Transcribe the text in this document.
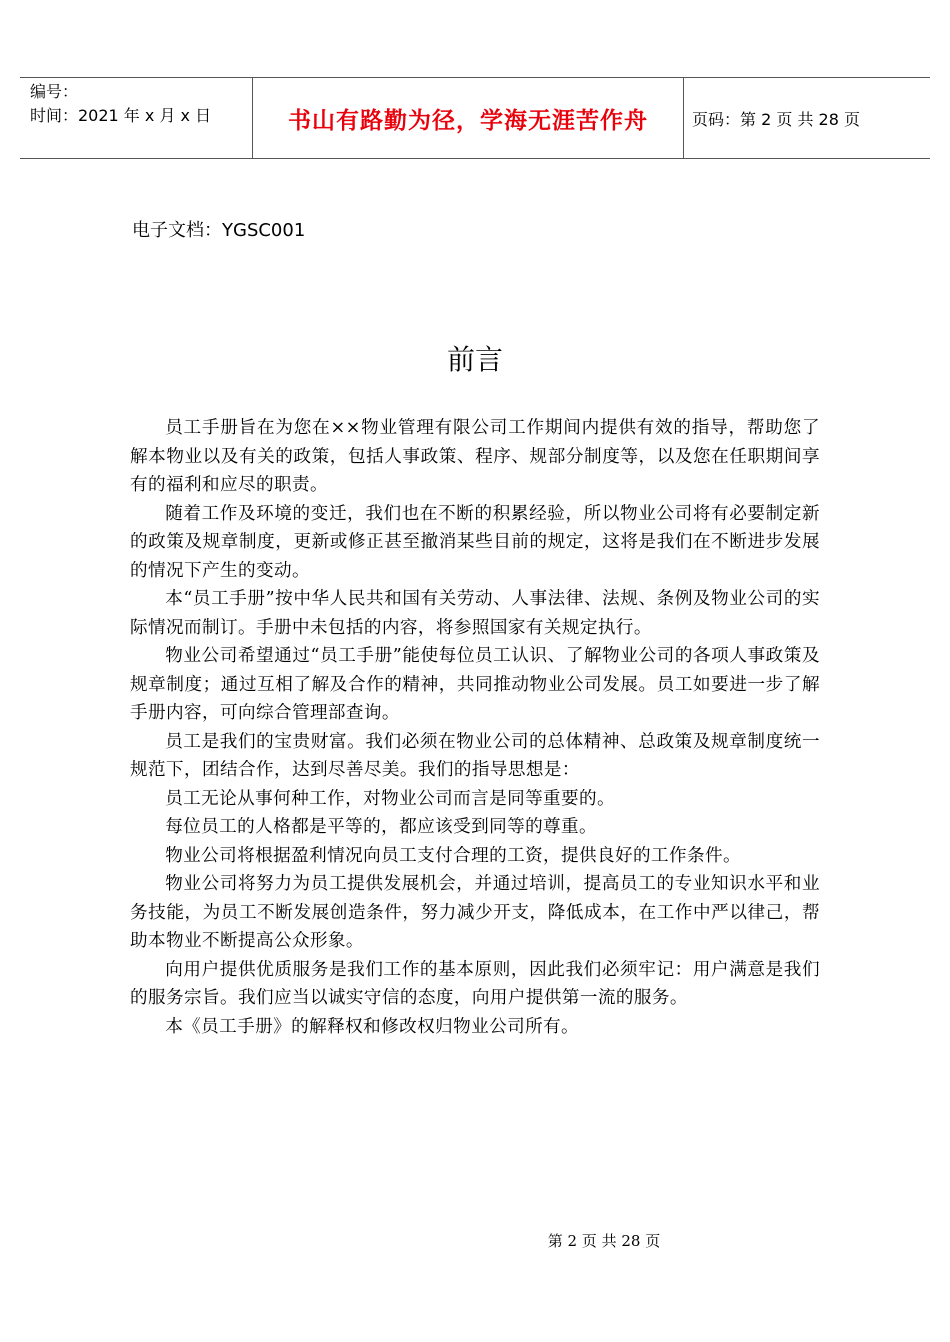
编号：
时间：2021 年 x 月 x 日	书山有路勤为径，学海无涯苦作舟	页码：第 2 页 共 28 页
电子文档：YGSC001
前言

员工手册旨在为您在××物业管理有限公司工作期间内提供有效的指导，帮助您了解本物业以及有关的政策，包括人事政策、程序、规部分制度等，以及您在任职期间享有的福利和应尽的职责。

随着工作及环境的变迁，我们也在不断的积累经验，所以物业公司将有必要制定新的政策及规章制度，更新或修正甚至撤消某些目前的规定，这将是我们在不断进步发展的情况下产生的变动。

本“员工手册”按中华人民共和国有关劳动、人事法律、法规、条例及物业公司的实际情况而制订。手册中未包括的内容，将参照国家有关规定执行。

物业公司希望通过“员工手册”能使每位员工认识、了解物业公司的各项人事政策及规章制度；通过互相了解及合作的精神，共同推动物业公司发展。员工如要进一步了解手册内容，可向综合管理部查询。

员工是我们的宝贵财富。我们必须在物业公司的总体精神、总政策及规章制度统一规范下，团结合作，达到尽善尽美。我们的指导思想是：

员工无论从事何种工作，对物业公司而言是同等重要的。

每位员工的人格都是平等的，都应该受到同等的尊重。

物业公司将根据盈利情况向员工支付合理的工资，提供良好的工作条件。

物业公司将努力为员工提供发展机会，并通过培训，提高员工的专业知识水平和业务技能，为员工不断发展创造条件，努力减少开支，降低成本，在工作中严以律己，帮助本物业不断提高公众形象。

向用户提供优质服务是我们工作的基本原则，因此我们必须牢记：用户满意是我们的服务宗旨。我们应当以诚实守信的态度，向用户提供第一流的服务。

本《员工手册》的解释权和修改权归物业公司所有。

第 2 页 共 28 页
